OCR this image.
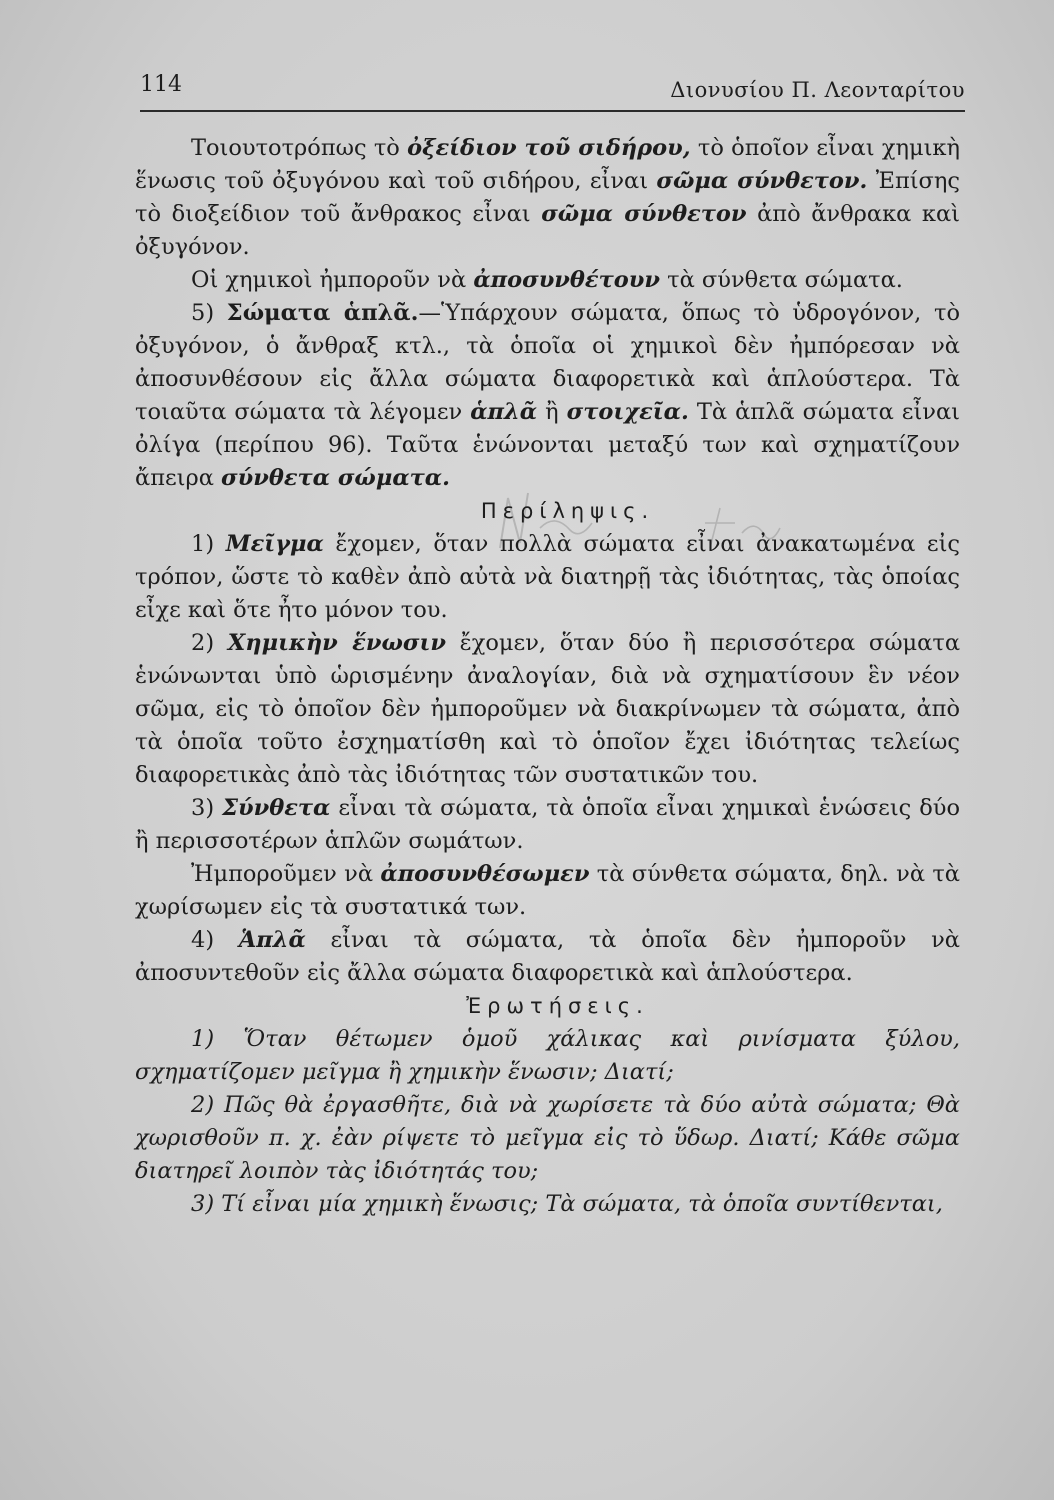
114	Διονυσίου Π. Λεονταρίτου

Τοιουτοτρόπως τὸ ὀξείδιον τοῦ σιδήρου, τὸ ὁποῖον εἶναι χημικὴ ἕνωσις τοῦ ὀξυγόνου καὶ τοῦ σιδήρου, εἶναι σῶμα σύνθετον. Ἐπίσης τὸ διοξείδιον τοῦ ἄνθρακος εἶναι σῶμα σύνθετον ἀπὸ ἄνθρακα καὶ ὀξυγόνον.

Οἱ χημικοὶ ἠμποροῦν νὰ ἀποσυνθέτουν τὰ σύνθετα σώματα.

5) Σώματα ἁπλᾶ.—Ὑπάρχουν σώματα, ὅπως τὸ ὑδρογόνον, τὸ ὀξυγόνον, ὁ ἄνθραξ κτλ., τὰ ὁποῖα οἱ χημικοὶ δὲν ἠμπόρεσαν νὰ ἀποσυνθέσουν εἰς ἄλλα σώματα διαφορετικὰ καὶ ἁπλούστερα. Τὰ τοιαῦτα σώματα τὰ λέγομεν ἁπλᾶ ἢ στοιχεῖα. Τὰ ἁπλᾶ σώματα εἶναι ὀλίγα (περίπου 96). Ταῦτα ἑνώνονται μεταξύ των καὶ σχηματίζουν ἄπειρα σύνθετα σώματα.

Περίληψις.

1) Μεῖγμα ἔχομεν, ὅταν πολλὰ σώματα εἶναι ἀνακατωμένα εἰς τρόπον, ὥστε τὸ καθὲν ἀπὸ αὐτὰ νὰ διατηρῇ τὰς ἰδιότητας, τὰς ὁποίας εἶχε καὶ ὅτε ἦτο μόνον του.

2) Χημικὴν ἕνωσιν ἔχομεν, ὅταν δύο ἢ περισσότερα σώματα ἑνώνωνται ὑπὸ ὡρισμένην ἀναλογίαν, διὰ νὰ σχηματίσουν ἓν νέον σῶμα, εἰς τὸ ὁποῖον δὲν ἠμποροῦμεν νὰ διακρίνωμεν τὰ σώματα, ἀπὸ τὰ ὁποῖα τοῦτο ἐσχηματίσθη καὶ τὸ ὁποῖον ἔχει ἰδιότητας τελείως διαφορετικὰς ἀπὸ τὰς ἰδιότητας τῶν συστατικῶν του.

3) Σύνθετα εἶναι τὰ σώματα, τὰ ὁποῖα εἶναι χημικαὶ ἑνώσεις δύο ἢ περισσοτέρων ἁπλῶν σωμάτων.

Ἠμποροῦμεν νὰ ἀποσυνθέσωμεν τὰ σύνθετα σώματα, δηλ. νὰ τὰ χωρίσωμεν εἰς τὰ συστατικά των.

4) Ἁπλᾶ εἶναι τὰ σώματα, τὰ ὁποῖα δὲν ἠμποροῦν νὰ ἀποσυντεθοῦν εἰς ἄλλα σώματα διαφορετικὰ καὶ ἁπλούστερα.

Ἐρωτήσεις.

1) Ὅταν θέτωμεν ὁμοῦ χάλικας καὶ ρινίσματα ξύλου, σχηματίζομεν μεῖγμα ἢ χημικὴν ἕνωσιν; Διατί;

2) Πῶς θὰ ἐργασθῆτε, διὰ νὰ χωρίσετε τὰ δύο αὐτὰ σώματα; Θὰ χωρισθοῦν π. χ. ἐὰν ρίψετε τὸ μεῖγμα εἰς τὸ ὕδωρ. Διατί; Κάθε σῶμα διατηρεῖ λοιπὸν τὰς ἰδιότητάς του;

3) Τί εἶναι μία χημικὴ ἕνωσις; Τὰ σώματα, τὰ ὁποῖα συντίθενται,
